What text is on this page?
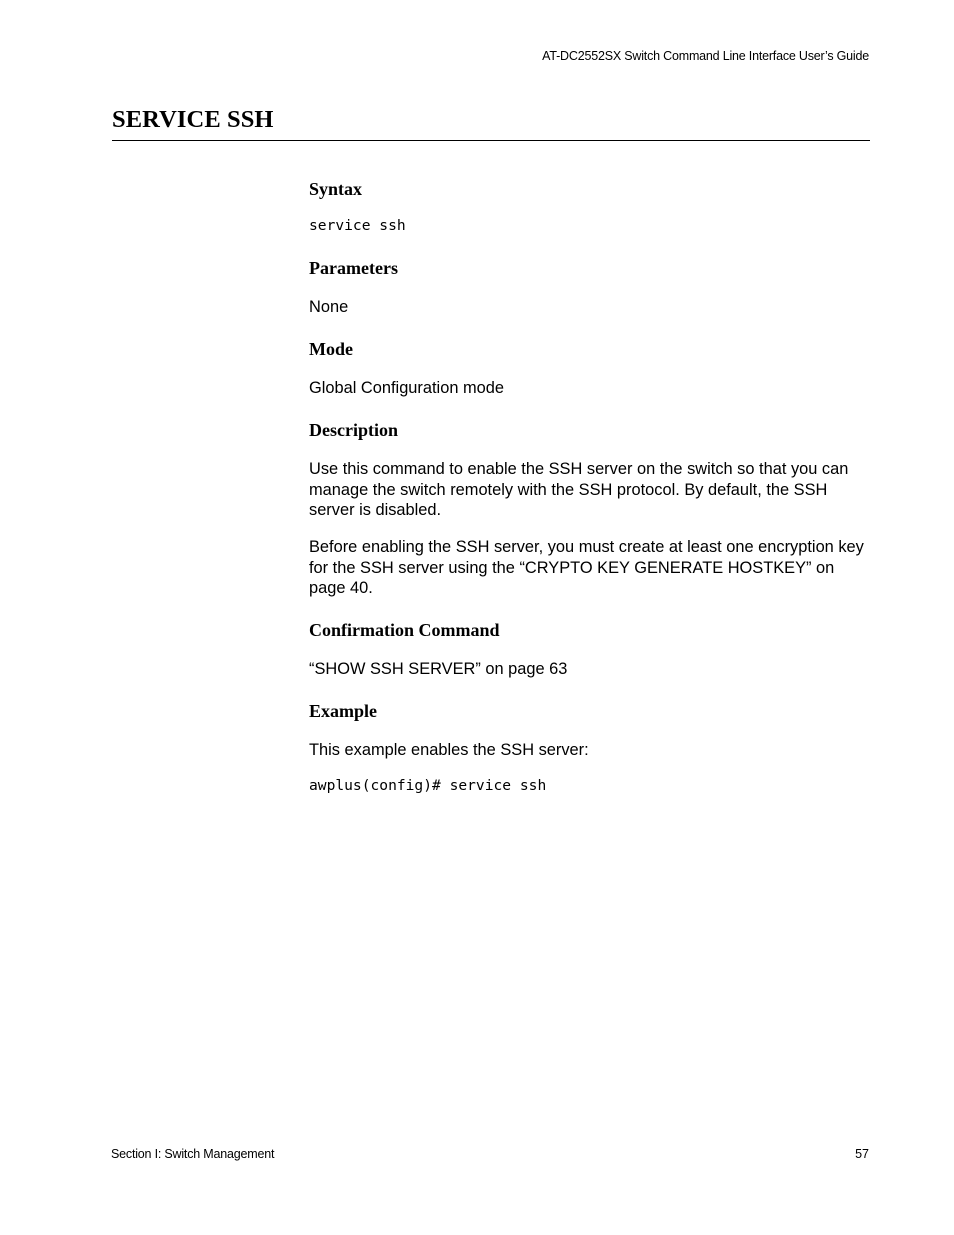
AT-DC2552SX Switch Command Line Interface User’s Guide
SERVICE SSH
Syntax
service ssh
Parameters

None

Mode

Global Configuration mode

Description

Use this command to enable the SSH server on the switch so that you can manage the switch remotely with the SSH protocol. By default, the SSH server is disabled.

Before enabling the SSH server, you must create at least one encryption key for the SSH server using the “CRYPTO KEY GENERATE HOSTKEY” on page 40.

Confirmation Command

“SHOW SSH SERVER” on page 63

Example

This example enables the SSH server:

awplus(config)# service ssh
Section I: Switch Management	57
